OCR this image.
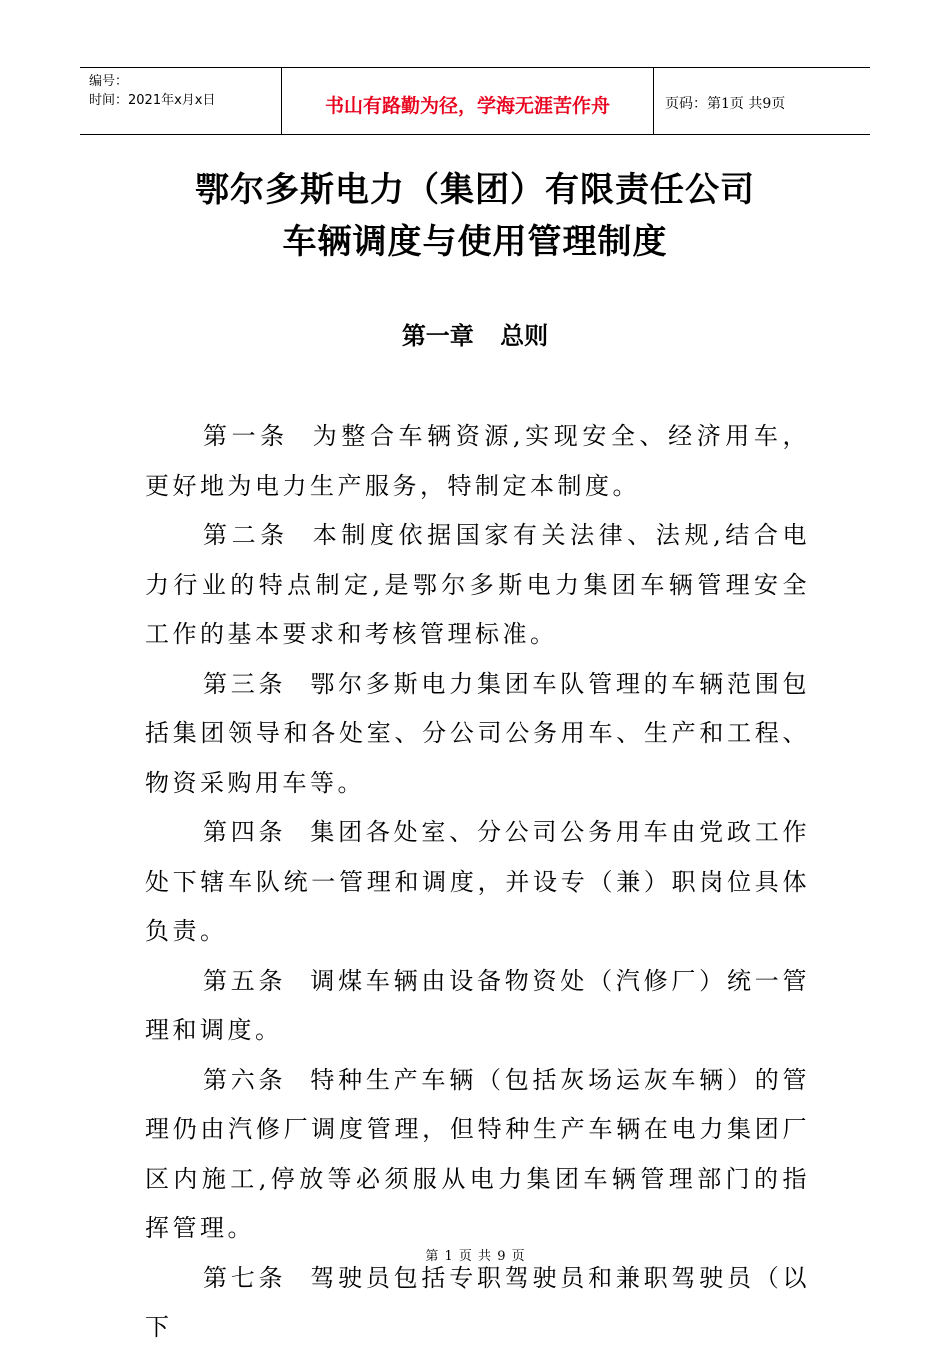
编号：
时间：2021年x月x日	书山有路勤为径，学海无涯苦作舟	页码：第1页 共9页
鄂尔多斯电力（集团）有限责任公司
车辆调度与使用管理制度
第一章 总则

第一条 为整合车辆资源,实现安全、经济用车，更好地为电力生产服务，特制定本制度。

第二条 本制度依据国家有关法律、法规,结合电力行业的特点制定,是鄂尔多斯电力集团车辆管理安全工作的基本要求和考核管理标准。

第三条 鄂尔多斯电力集团车队管理的车辆范围包括集团领导和各处室、分公司公务用车、生产和工程、物资采购用车等。

第四条 集团各处室、分公司公务用车由党政工作处下辖车队统一管理和调度，并设专（兼）职岗位具体负责。

第五条 调煤车辆由设备物资处（汽修厂）统一管理和调度。

第六条 特种生产车辆（包括灰场运灰车辆）的管理仍由汽修厂调度管理，但特种生产车辆在电力集团厂区内施工,停放等必须服从电力集团车辆管理部门的指挥管理。

第七条 驾驶员包括专职驾驶员和兼职驾驶员（以下

第 1 页 共 9 页
